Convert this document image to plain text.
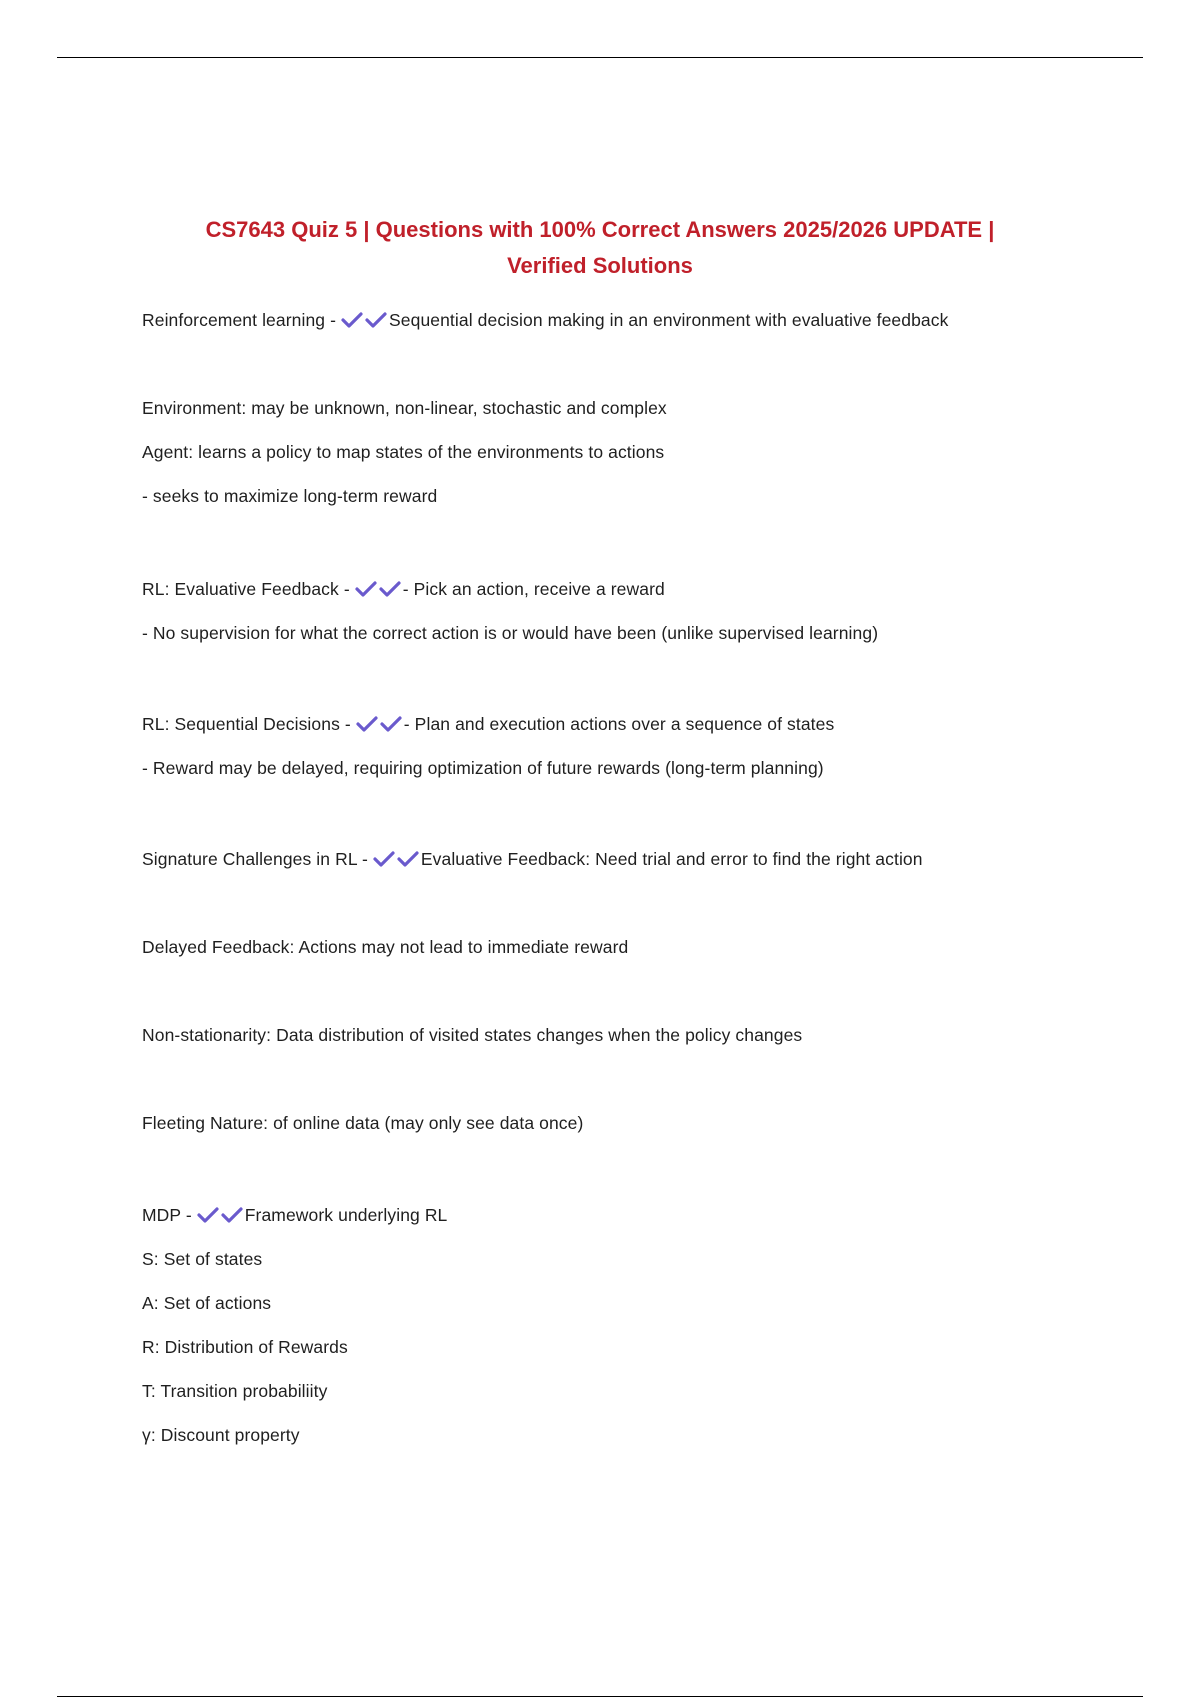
CS7643 Quiz 5 | Questions with 100% Correct Answers 2025/2026 UPDATE |
Verified Solutions
Reinforcement learning -	Sequential decision making in an environment with evaluative feedback
Environment: may be unknown, non-linear, stochastic and complex
Agent: learns a policy to map states of the environments to actions
- seeks to maximize long-term reward
RL: Evaluative Feedback -	- Pick an action, receive a reward
- No supervision for what the correct action is or would have been (unlike supervised learning)
RL: Sequential Decisions -	- Plan and execution actions over a sequence of states
- Reward may be delayed, requiring optimization of future rewards (long-term planning)
Signature Challenges in RL -	Evaluative Feedback: Need trial and error to find the right action
Delayed Feedback: Actions may not lead to immediate reward
Non-stationarity: Data distribution of visited states changes when the policy changes
Fleeting Nature: of online data (may only see data once)
MDP -	Framework underlying RL
S: Set of states
A: Set of actions
R: Distribution of Rewards
T: Transition probabiliity
γ: Discount property
